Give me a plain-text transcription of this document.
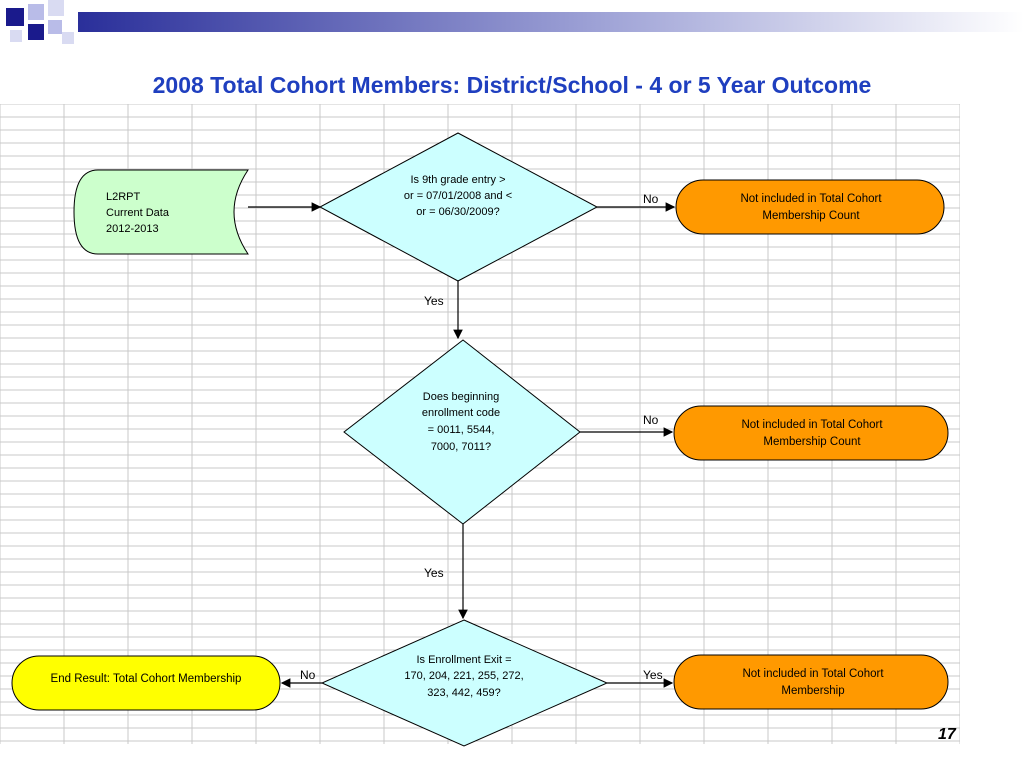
2008 Total Cohort Members: District/School - 4 or 5 Year Outcome
L2RPT
Current Data
2012-2013
Is 9th grade entry >
or = 07/01/2008 and <
or = 06/30/2009?
Does beginning
enrollment code
= 0011, 5544,
7000, 7011?
Is Enrollment Exit =
170, 204, 221, 255, 272,
323, 442, 459?
Not included in Total Cohort
Membership Count
Not included in Total Cohort
Membership Count
Not included in Total Cohort
Membership
End Result: Total Cohort Membership
No
Yes
No
Yes
No	Yes
17
